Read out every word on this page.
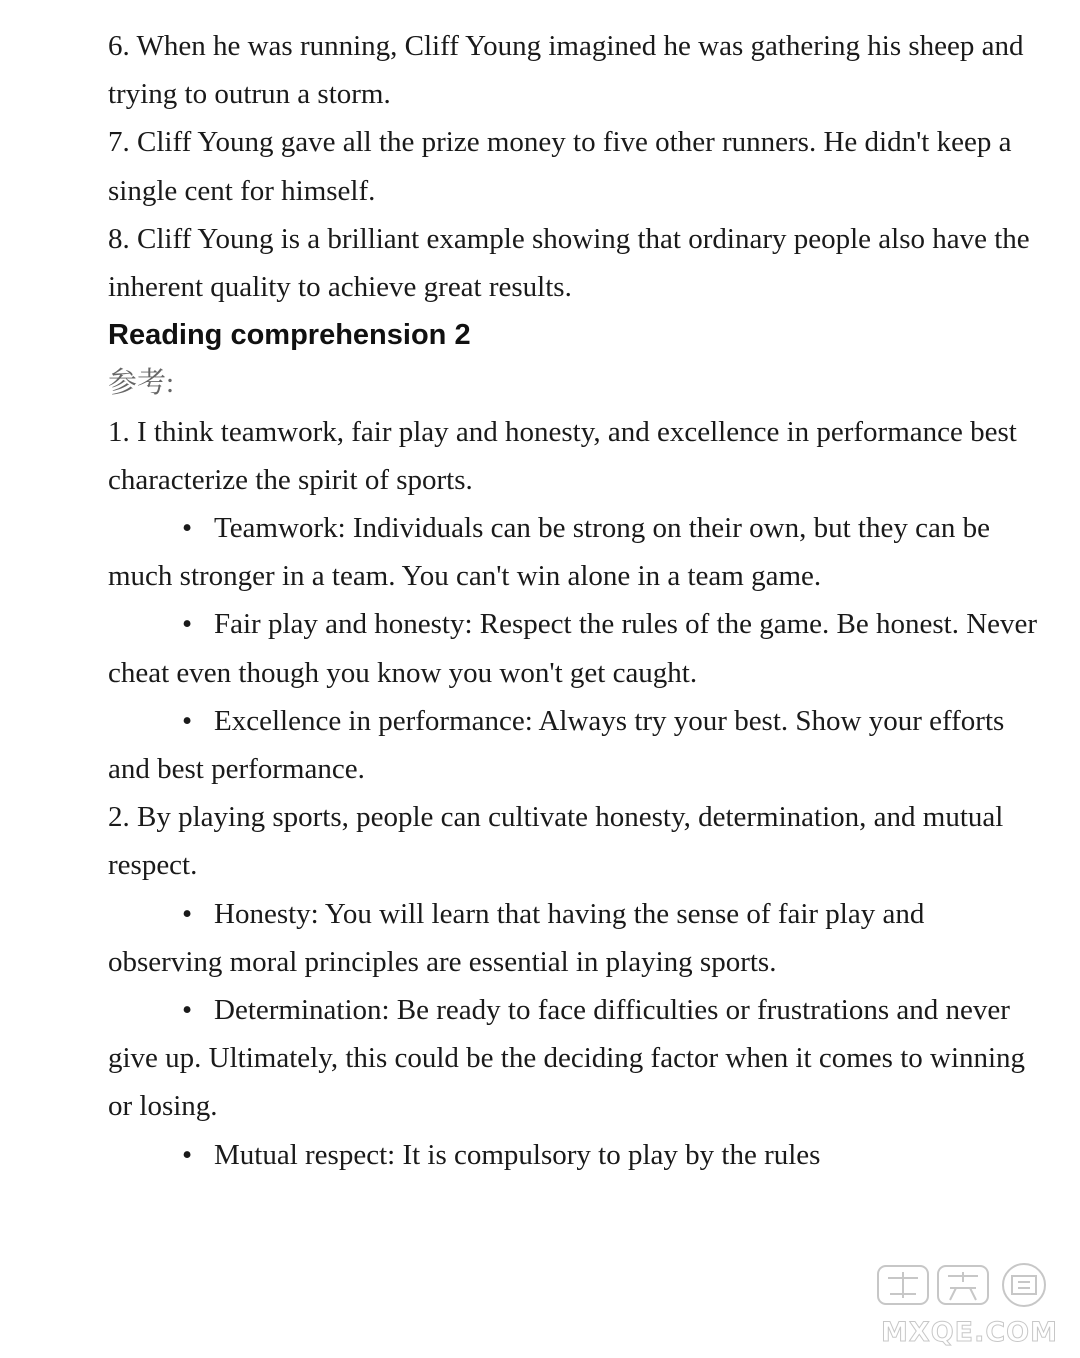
6. When he was running, Cliff Young imagined he was gathering his sheep and trying to outrun a storm.

7. Cliff Young gave all the prize money to five other runners. He didn't keep a single cent for himself.

8. Cliff Young is a brilliant example showing that ordinary people also have the inherent quality to achieve great results.

Reading comprehension 2

参考:

1. I think teamwork, fair play and honesty, and excellence in performance best characterize the spirit of sports.

• Teamwork: Individuals can be strong on their own, but they can be much stronger in a team. You can't win alone in a team game.

• Fair play and honesty: Respect the rules of the game. Be honest. Never cheat even though you know you won't get caught.

• Excellence in performance: Always try your best. Show your efforts and best performance.

2. By playing sports, people can cultivate honesty, determination, and mutual respect.

• Honesty: You will learn that having the sense of fair play and observing moral principles are essential in playing sports.

• Determination: Be ready to face difficulties or frustrations and never give up. Ultimately, this could be the deciding factor when it comes to winning or losing.

• Mutual respect: It is compulsory to play by the rules

MXQE.COM
